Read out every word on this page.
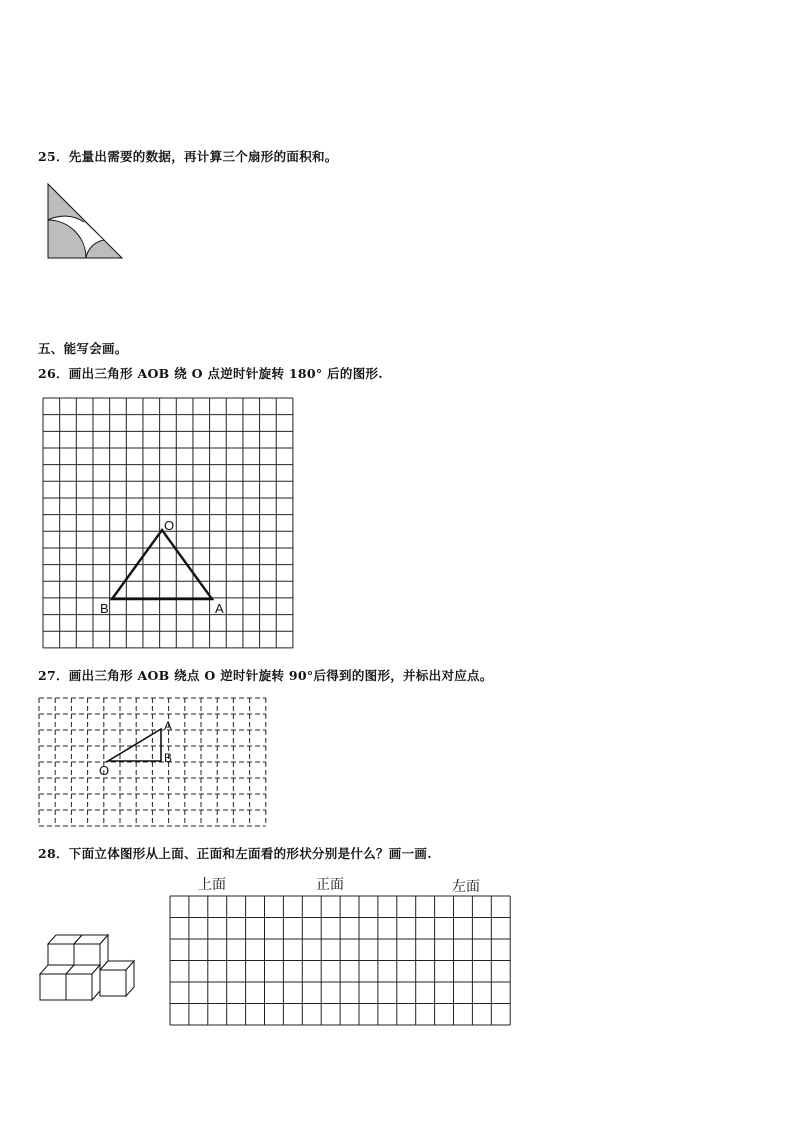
25．先量出需要的数据，再计算三个扇形的面积和。
五、能写会画。
26．画出三角形 AOB 绕 O 点逆时针旋转 180° 后的图形.
O
B	A
27．画出三角形 AOB 绕点 O 逆时针旋转 90°后得到的图形，并标出对应点。
A
B
O
28．下面立体图形从上面、正面和左面看的形状分别是什么？画一画.
上面	正面	左面
